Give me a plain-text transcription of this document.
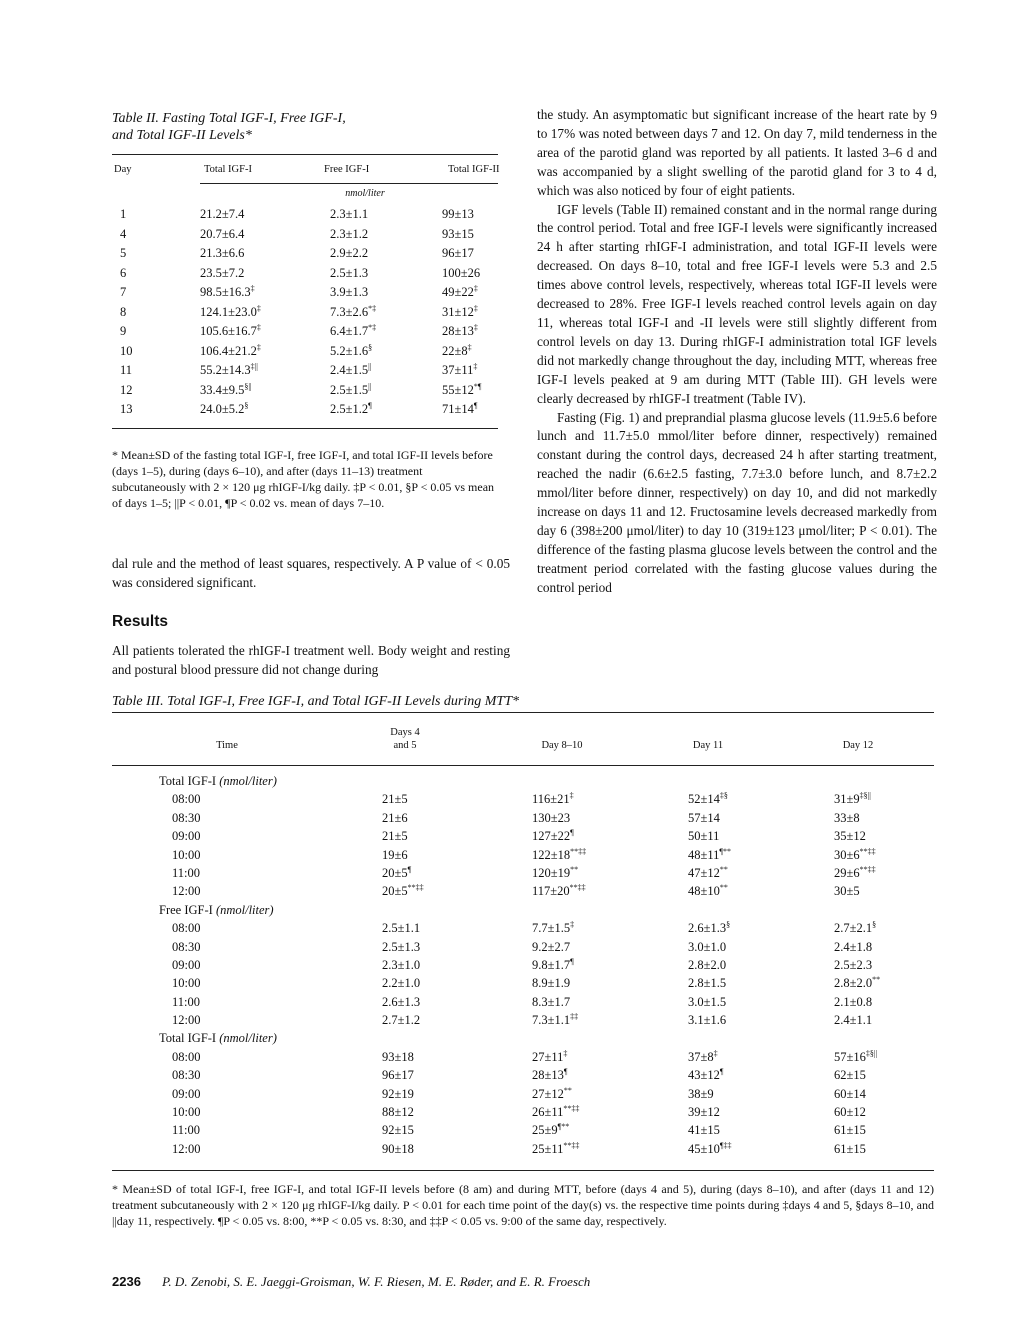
Table II. Fasting Total IGF-I, Free IGF-I,
and Total IGF-II Levels*
Day	Total IGF-I	Free IGF-I	Total IGF-II
nmol/liter
1	21.2±7.4	2.3±1.1	99±13
4	20.7±6.4	2.3±1.2	93±15
5	21.3±6.6	2.9±2.2	96±17
6	23.5±7.2	2.5±1.3	100±26
7	98.5±16.3‡	3.9±1.3	49±22‡
8	124.1±23.0‡	7.3±2.6*‡	31±12‡
9	105.6±16.7‡	6.4±1.7*‡	28±13‡
10	106.4±21.2‡	5.2±1.6§	22±8‡
11	55.2±14.3‡||	2.4±1.5||	37±11‡
12	33.4±9.5§||	2.5±1.5||	55±12*¶
13	24.0±5.2§	2.5±1.2¶	71±14¶
* Mean±SD of the fasting total IGF-I, free IGF-I, and total IGF-II levels before (days 1–5), during (days 6–10), and after (days 11–13) treatment subcutaneously with 2 × 120 μg rhIGF-I/kg daily. ‡P < 0.01, §P < 0.05 vs mean of days 1–5; ||P < 0.01, ¶P < 0.02 vs. mean of days 7–10.

dal rule and the method of least squares, respectively. A P value of < 0.05 was considered significant.

Results

All patients tolerated the rhIGF-I treatment well. Body weight and resting and postural blood pressure did not change during

the study. An asymptomatic but significant increase of the heart rate by 9 to 17% was noted between days 7 and 12. On day 7, mild tenderness in the area of the parotid gland was reported by all patients. It lasted 3–6 d and was accompanied by a slight swelling of the parotid gland for 3 to 4 d, which was also noticed by four of eight patients.

IGF levels (Table II) remained constant and in the normal range during the control period. Total and free IGF-I levels were significantly increased 24 h after starting rhIGF-I administration, and total IGF-II levels were decreased. On days 8–10, total and free IGF-I levels were 5.3 and 2.5 times above control levels, respectively, whereas total IGF-II levels were decreased to 28%. Free IGF-I levels reached control levels again on day 11, whereas total IGF-I and -II levels were still slightly different from control levels on day 13. During rhIGF-I administration total IGF levels did not markedly change throughout the day, including MTT, whereas free IGF-I levels peaked at 9 am during MTT (Table III). GH levels were clearly decreased by rhIGF-I treatment (Table IV).

Fasting (Fig. 1) and preprandial plasma glucose levels (11.9±5.6 before lunch and 11.7±5.0 mmol/liter before dinner, respectively) remained constant during the control days, decreased 24 h after starting treatment, reached the nadir (6.6±2.5 fasting, 7.7±3.0 before lunch, and 8.7±2.2 mmol/liter before dinner, respectively) on day 10, and did not markedly increase on days 11 and 12. Fructosamine levels decreased markedly from day 6 (398±200 μmol/liter) to day 10 (319±123 μmol/liter; P < 0.01). The difference of the fasting plasma glucose levels between the control and the treatment period correlated with the fasting glucose values during the control period

Table III. Total IGF-I, Free IGF-I, and Total IGF-II Levels during MTT*
Time
Days 4
and 5	Day 8–10	Day 11	Day 12
Total IGF-I (nmol/liter)
08:00	21±5	116±21‡	52±14‡§	31±9‡§||
08:30	21±6	130±23	57±14	33±8
09:00	21±5	127±22¶	50±11	35±12
10:00	19±6	122±18**‡‡	48±11¶**	30±6**‡‡
11:00	20±5¶	120±19**	47±12**	29±6**‡‡
12:00	20±5**‡‡	117±20**‡‡	48±10**	30±5
Free IGF-I (nmol/liter)
08:00	2.5±1.1	7.7±1.5‡	2.6±1.3§	2.7±2.1§
08:30	2.5±1.3	9.2±2.7	3.0±1.0	2.4±1.8
09:00	2.3±1.0	9.8±1.7¶	2.8±2.0	2.5±2.3
10:00	2.2±1.0	8.9±1.9	2.8±1.5	2.8±2.0**
11:00	2.6±1.3	8.3±1.7	3.0±1.5	2.1±0.8
12:00	2.7±1.2	7.3±1.1‡‡	3.1±1.6	2.4±1.1
Total IGF-I (nmol/liter)
08:00	93±18	27±11‡	37±8‡	57±16‡§||
08:30	96±17	28±13¶	43±12¶	62±15
09:00	92±19	27±12**	38±9	60±14
10:00	88±12	26±11**‡‡	39±12	60±12
11:00	92±15	25±9¶**	41±15	61±15
12:00	90±18	25±11**‡‡	45±10¶‡‡	61±15
* Mean±SD of total IGF-I, free IGF-I, and total IGF-II levels before (8 am) and during MTT, before (days 4 and 5), during (days 8–10), and after (days 11 and 12) treatment subcutaneously with 2 × 120 μg rhIGF-I/kg daily. P < 0.01 for each time point of the day(s) vs. the respective time points during ‡days 4 and 5, §days 8–10, and ||day 11, respectively. ¶P < 0.05 vs. 8:00, **P < 0.05 vs. 8:30, and ‡‡P < 0.05 vs. 9:00 of the same day, respectively.
2236 P. D. Zenobi, S. E. Jaeggi-Groisman, W. F. Riesen, M. E. Røder, and E. R. Froesch
